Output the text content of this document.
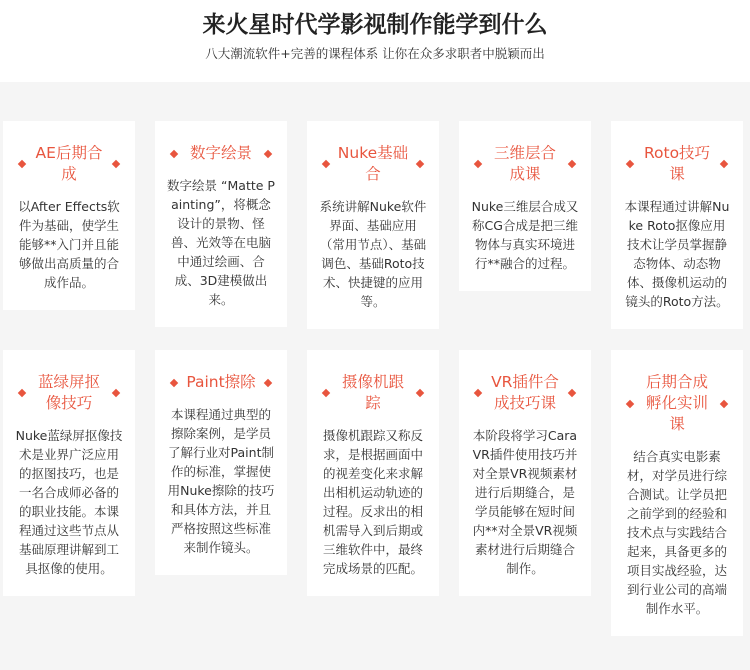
来火星时代学影视制作能学到什么
八大潮流软件+完善的课程体系 让你在众多求职者中脱颖而出
AE后期合成
以After Effects软件为基础，使学生能够**入门并且能够做出高质量的合成作品。
数字绘景
数字绘景 “Matte Painting”，将概念设计的景物、怪兽、光效等在电脑中通过绘画、合成、3D建模做出来。
Nuke基础合
系统讲解Nuke软件界面、基础应用（常用节点）、基础调色、基础Roto技术、快捷键的应用等。
三维层合成课
Nuke三维层合成又称CG合成是把三维物体与真实环境进行**融合的过程。
Roto技巧课
本课程通过讲解Nuke Roto抠像应用技术让学员掌握静态物体、动态物体、摄像机运动的镜头的Roto方法。
蓝绿屏抠像技巧
Nuke蓝绿屏抠像技术是业界广泛应用的抠图技巧，也是一名合成师必备的的职业技能。本课程通过这些节点从基础原理讲解到工具抠像的使用。
Paint擦除
本课程通过典型的擦除案例，是学员了解行业对Paint制作的标准，掌握使用Nuke擦除的技巧和具体方法，并且严格按照这些标准来制作镜头。
摄像机跟踪
摄像机跟踪又称反求，是根据画面中的视差变化来求解出相机运动轨迹的过程。反求出的相机需导入到后期或三维软件中，最终完成场景的匹配。
VR插件合成技巧课
本阶段将学习Cara VR插件使用技巧并对全景VR视频素材进行后期缝合，是学员能够在短时间内**对全景VR视频素材进行后期缝合制作。
后期合成孵化实训课
结合真实电影素材，对学员进行综合测试。让学员把之前学到的经验和技术点与实践结合起来，具备更多的项目实战经验，达到行业公司的高端制作水平。
